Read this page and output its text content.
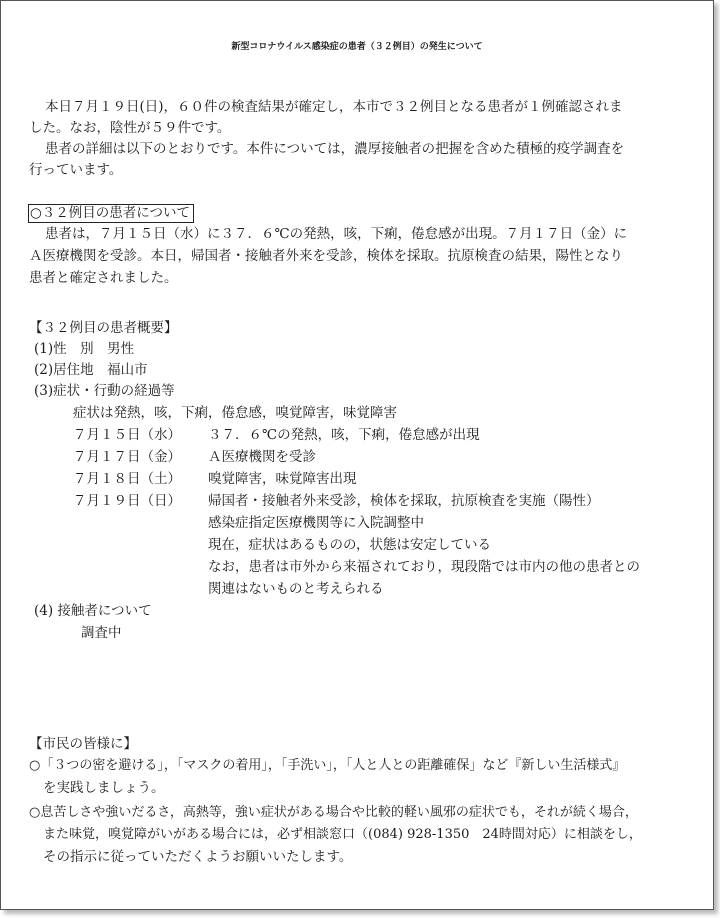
新型コロナウイルス感染症の患者（３２例目）の発生について
本日７月１９日(日)，６０件の検査結果が確定し，本市で３２例目となる患者が１例確認されま
した。なお，陰性が５９件です。
患者の詳細は以下のとおりです。本件については，濃厚接触者の把握を含めた積極的疫学調査を
行っています。
○３２例目の患者について
患者は，７月１５日（水）に３７．６℃の発熱，咳，下痢，倦怠感が出現。７月１７日（金）に
Ａ医療機関を受診。本日，帰国者・接触者外来を受診，検体を採取。抗原検査の結果，陽性となり
患者と確定されました。
【３２例目の患者概要】
(1)性　別　男性
(2)居住地　福山市
(3)症状・行動の経過等
症状は発熱，咳，下痢，倦怠感，嗅覚障害，味覚障害
７月１５日（水） ３７．６℃の発熱，咳，下痢，倦怠感が出現
７月１７日（金） Ａ医療機関を受診
７月１８日（土） 嗅覚障害，味覚障害出現
７月１９日（日） 帰国者・接触者外来受診，検体を採取，抗原検査を実施（陽性）
感染症指定医療機関等に入院調整中
現在，症状はあるものの，状態は安定している
なお，患者は市外から来福されており，現段階では市内の他の患者との
関連はないものと考えられる
(4) 接触者について
調査中
【市民の皆様に】
○「３つの密を避ける」，「マスクの着用」，「手洗い」，「人と人との距離確保」など『新しい生活様式』
を実践しましょう。
○息苦しさや強いだるさ，高熱等，強い症状がある場合や比較的軽い風邪の症状でも，それが続く場合，
また味覚，嗅覚障がいがある場合には，必ず相談窓口（(084) 928-1350　24時間対応）に相談をし，
その指示に従っていただくようお願いいたします。
